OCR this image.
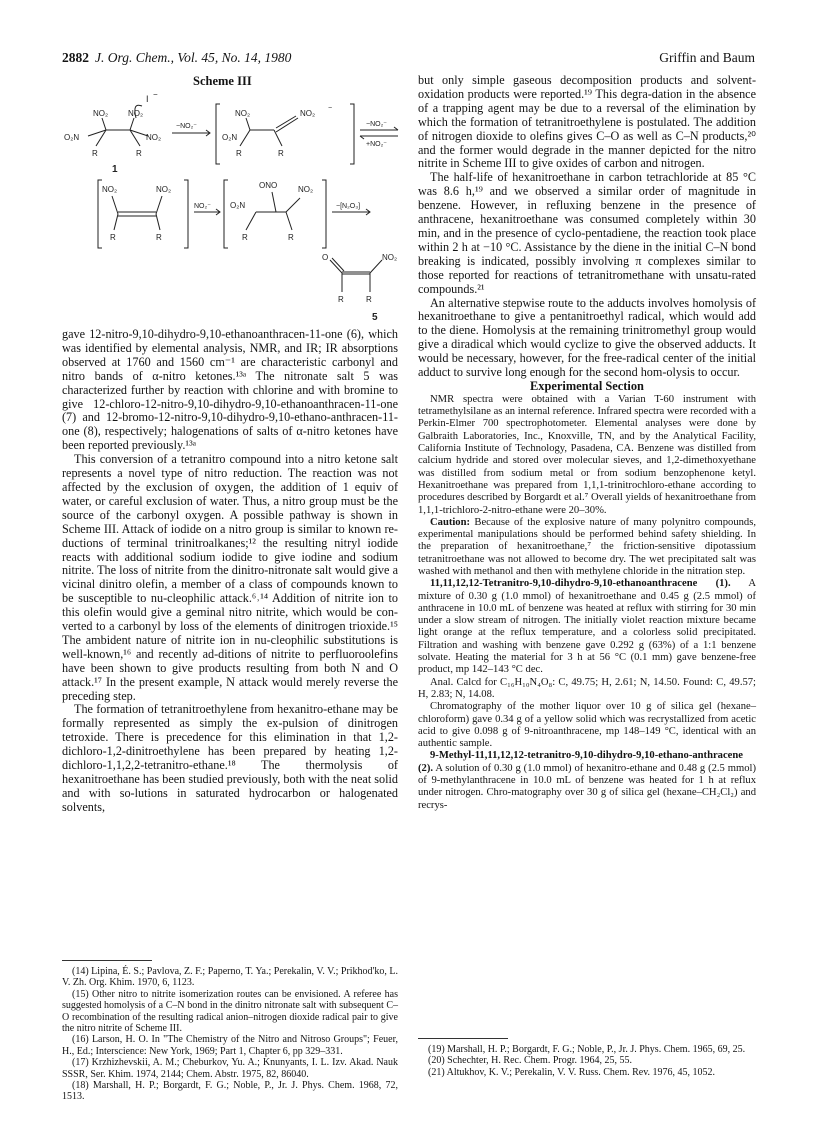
2882 J. Org. Chem., Vol. 45, No. 14, 1980	Griffin and Baum
Scheme III
I −
NO₂ NO₂
O₂N	NO₂
R	R
1
−NO₂⁻
NO₂	NO₂
−
O₂N
R	R
−NO₂⁻
+NO₂⁻
NO₂	NO₂
R	R
NO₂⁻
ONO	NO₂
O₂N
R	R
−[N₂O₃]
O	NO₂
R	R
5

gave 12-nitro-9,10-dihydro-9,10-ethanoanthracen-11-one (6), which was identified by elemental analysis, NMR, and IR; IR absorptions observed at 1760 and 1560 cm⁻¹ are characteristic carbonyl and nitro bands of α-nitro ketones.¹³ᵃ The nitronate salt 5 was characterized further by reaction with chlorine and with bromine to give 12-chloro-12-nitro-9,10-dihydro-9,10-ethanoanthracen-11-one (7) and 12-bromo-12-nitro-9,10-dihydro-9,10-ethano-anthracen-11-one (8), respectively; halogenations of salts of α-nitro ketones have been reported previously.¹³ᵃ

This conversion of a tetranitro compound into a nitro ketone salt represents a novel type of nitro reduction. The reaction was not affected by the exclusion of oxygen, the addition of 1 equiv of water, or careful exclusion of water. Thus, a nitro group must be the source of the carbonyl oxygen. A possible pathway is shown in Scheme III. Attack of iodide on a nitro group is similar to known re-ductions of terminal trinitroalkanes;¹² the resulting nitryl iodide reacts with additional sodium iodide to give iodine and sodium nitrite. The loss of nitrite from the dinitro-nitronate salt would give a vicinal dinitro olefin, a member of a class of compounds known to be susceptible to nu-cleophilic attack.⁶˒¹⁴ Addition of nitrite ion to this olefin would give a geminal nitro nitrite, which would be con-verted to a carbonyl by loss of the elements of dinitrogen trioxide.¹⁵ The ambident nature of nitrite ion in nu-cleophilic substitutions is well-known,¹⁶ and recently ad-ditions of nitrite to perfluoroolefins have been shown to give products resulting from both N and O attack.¹⁷ In the present example, N attack would merely reverse the preceding step.

The formation of tetranitroethylene from hexanitro-ethane may be formally represented as simply the ex-pulsion of dinitrogen tetroxide. There is precedence for this elimination in that 1,2-dichloro-1,2-dinitroethylene has been prepared by heating 1,2-dichloro-1,1,2,2-tetranitro-ethane.¹⁸ The thermolysis of hexanitroethane has been studied previously, both with the neat solid and with so-lutions in saturated hydrocarbon or halogenated solvents,

(14) Lipina, É. S.; Pavlova, Z. F.; Paperno, T. Ya.; Perekalin, V. V.; Prikhod'ko, L. V. Zh. Org. Khim. 1970, 6, 1123.

(15) Other nitro to nitrite isomerization routes can be envisioned. A referee has suggested homolysis of a C–N bond in the dinitro nitronate salt with subsequent C–O recombination of the resulting radical anion–nitrogen dioxide radical pair to give the nitro nitrite of Scheme III.

(16) Larson, H. O. In "The Chemistry of the Nitro and Nitroso Groups"; Feuer, H., Ed.; Interscience: New York, 1969; Part 1, Chapter 6, pp 329–331.

(17) Krzhizhevskii, A. M.; Cheburkov, Yu. A.; Knunyants, I. L. Izv. Akad. Nauk SSSR, Ser. Khim. 1974, 2144; Chem. Abstr. 1975, 82, 86040.

(18) Marshall, H. P.; Borgardt, F. G.; Noble, P., Jr. J. Phys. Chem. 1968, 72, 1513.

but only simple gaseous decomposition products and solvent-oxidation products were reported.¹⁹ This degra-dation in the absence of a trapping agent may be due to a reversal of the elimination by which the formation of tetranitroethylene is postulated. The addition of nitrogen dioxide to olefins gives C–O as well as C–N products,²⁰ and the former would degrade in the manner depicted for the nitro nitrite in Scheme III to give oxides of carbon and nitrogen.

The half-life of hexanitroethane in carbon tetrachloride at 85 °C was 8.6 h,¹⁹ and we observed a similar order of magnitude in benzene. However, in refluxing benzene in the presence of anthracene, hexanitroethane was consumed completely within 30 min, and in the presence of cyclo-pentadiene, the reaction took place within 2 h at −10 °C. Assistance by the diene in the initial C–N bond breaking is indicated, possibly involving π complexes similar to those reported for reactions of tetranitromethane with unsatu-rated compounds.²¹

An alternative stepwise route to the adducts involves homolysis of hexanitroethane to give a pentanitroethyl radical, which would add to the diene. Homolysis at the remaining trinitromethyl group would give a diradical which would cyclize to give the observed adducts. It would be necessary, however, for the free-radical center of the initial adduct to survive long enough for the second hom-olysis to occur.

Experimental Section

NMR spectra were obtained with a Varian T-60 instrument with tetramethylsilane as an internal reference. Infrared spectra were recorded with a Perkin-Elmer 700 spectrophotometer. Elemental analyses were done by Galbraith Laboratories, Inc., Knoxville, TN, and by the Analytical Facility, California Institute of Technology, Pasadena, CA. Benzene was distilled from calcium hydride and stored over molecular sieves, and 1,2-dimethoxyethane was distilled from sodium metal or from sodium benzophenone ketyl. Hexanitroethane was prepared from 1,1,1-trinitrochloro-ethane according to procedures described by Borgardt et al.⁷ Overall yields of hexanitroethane from 1,1,1-trichloro-2-nitro-ethane were 20–30%.

Caution: Because of the explosive nature of many polynitro compounds, experimental manipulations should be performed behind safety shielding. In the preparation of hexanitroethane,⁷ the friction-sensitive dipotassium tetranitroethane was not allowed to become dry. The wet precipitated salt was washed with methanol and then with methylene chloride in the nitration step.

11,11,12,12-Tetranitro-9,10-dihydro-9,10-ethanoanthracene (1). A mixture of 0.30 g (1.0 mmol) of hexanitroethane and 0.45 g (2.5 mmol) of anthracene in 10.0 mL of benzene was heated at reflux with stirring for 30 min under a slow stream of nitrogen. The initially violet reaction mixture became light orange at the reflux temperature, and a colorless solid precipitated. Filtration and washing with benzene gave 0.292 g (63%) of a 1:1 benzene solvate. Heating the material for 3 h at 56 °C (0.1 mm) gave benzene-free product, mp 142–143 °C dec.

Anal. Calcd for C₁₆H₁₀N₄O₈: C, 49.75; H, 2.61; N, 14.50. Found: C, 49.57; H, 2.83; N, 14.08.

Chromatography of the mother liquor over 10 g of silica gel (hexane–chloroform) gave 0.34 g of a yellow solid which was recrystallized from acetic acid to give 0.098 g of 9-nitroanthracene, mp 148–149 °C, identical with an authentic sample.

9-Methyl-11,11,12,12-tetranitro-9,10-dihydro-9,10-ethano-anthracene (2). A solution of 0.30 g (1.0 mmol) of hexanitro-ethane and 0.48 g (2.5 mmol) of 9-methylanthracene in 10.0 mL of benzene was heated for 1 h at reflux under nitrogen. Chro-matography over 30 g of silica gel (hexane–CH₂Cl₂) and recrys-

(19) Marshall, H. P.; Borgardt, F. G.; Noble, P., Jr. J. Phys. Chem. 1965, 69, 25.

(20) Schechter, H. Rec. Chem. Progr. 1964, 25, 55.

(21) Altukhov, K. V.; Perekalin, V. V. Russ. Chem. Rev. 1976, 45, 1052.
